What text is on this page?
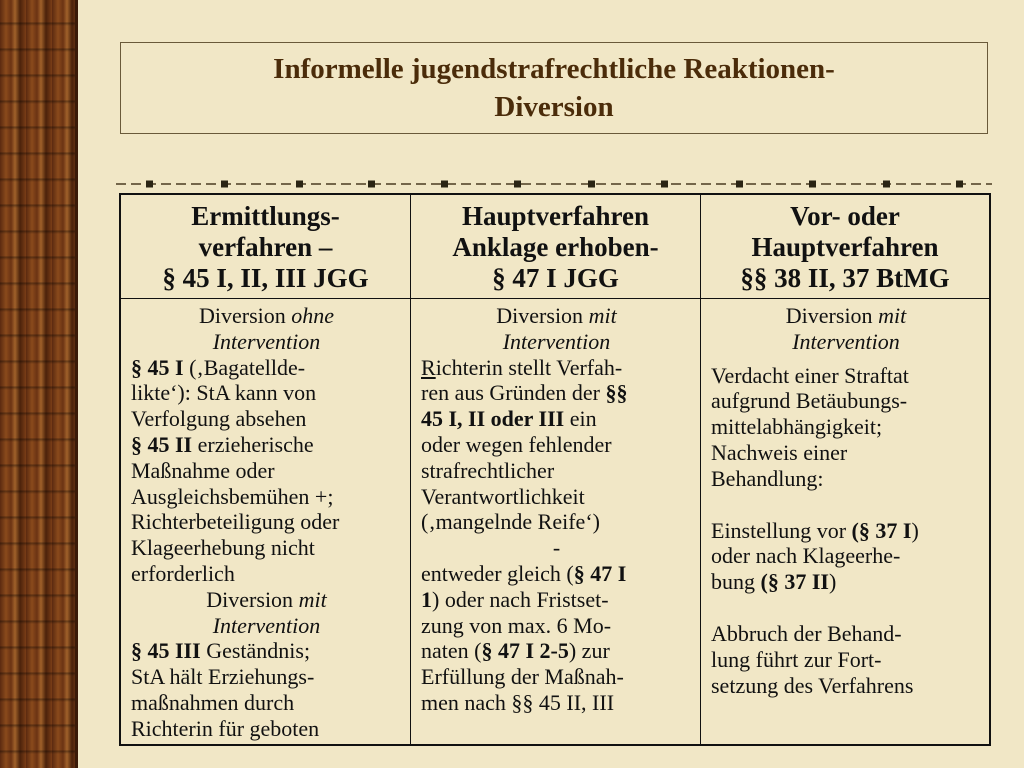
Informelle jugendstrafrechtliche Reaktionen-
Diversion
Ermittlungs-
verfahren –
§ 45 I, II, III JGG
Hauptverfahren
Anklage erhoben-
§ 47 I JGG
Vor- oder
Hauptverfahren
§§ 38 II, 37 BtMG
Diversion ohne
Intervention
§ 45 I (‚Bagatellde-
likte‘): StA kann von
Verfolgung absehen
§ 45 II erzieherische
Maßnahme oder
Ausgleichsbemühen +;
Richterbeteiligung oder
Klageerhebung nicht
erforderlich
Diversion mit
Intervention
§ 45 III Geständnis;
StA hält Erziehungs-
maßnahmen durch
Richterin für geboten
Diversion mit
Intervention
Richterin stellt Verfah-
ren aus Gründen der §§
45 I, II oder III ein
oder wegen fehlender
strafrechtlicher
Verantwortlichkeit
(‚mangelnde Reife‘)
-
entweder gleich (§ 47 I
1) oder nach Fristset-
zung von max. 6 Mo-
naten (§ 47 I 2-5) zur
Erfüllung der Maßnah-
men nach §§ 45 II, III
Diversion mit
Intervention
Verdacht einer Straftat
aufgrund Betäubungs-
mittelabhängigkeit;
Nachweis einer
Behandlung:
Einstellung vor (§ 37 I)
oder nach Klageerhe-
bung (§ 37 II)
Abbruch der Behand-
lung führt zur Fort-
setzung des Verfahrens
